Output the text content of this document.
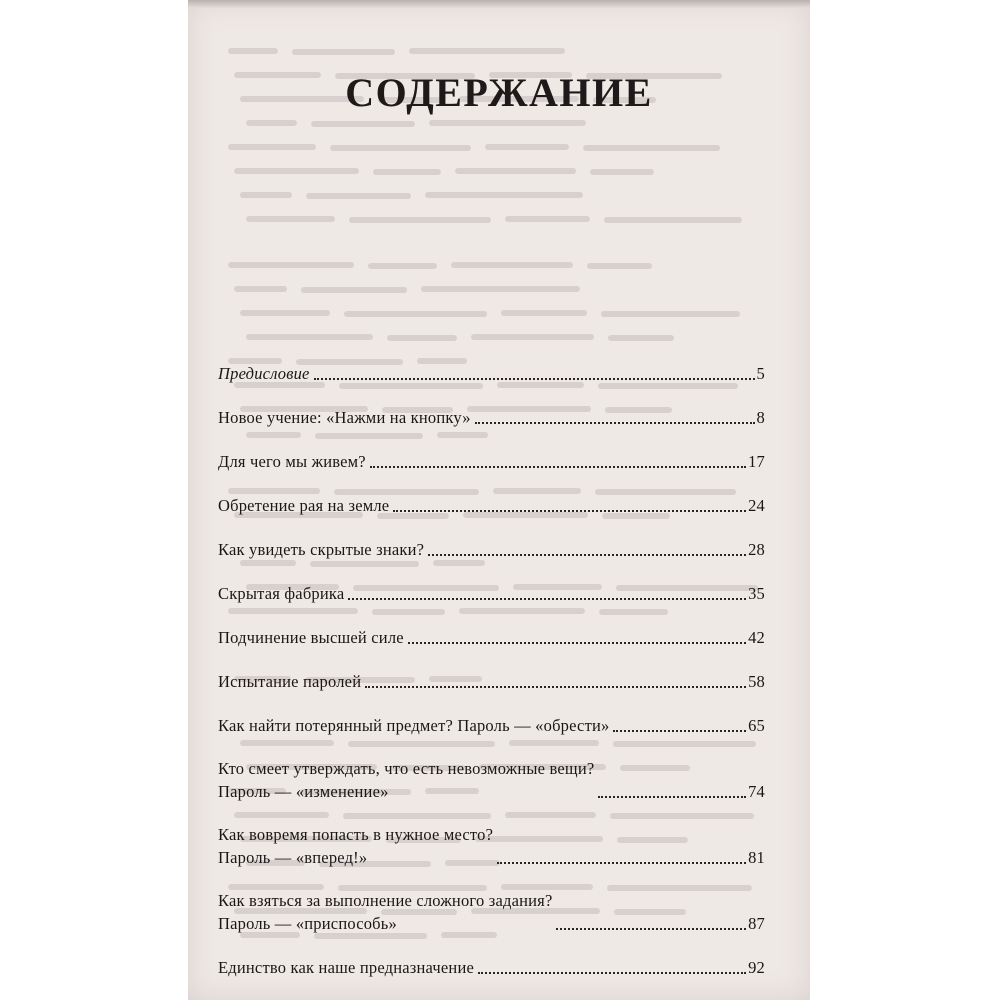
СОДЕРЖАНИЕ
Предисловие	5
Новое учение: «Нажми на кнопку»	8
Для чего мы живем?	17
Обретение рая на земле	24
Как увидеть скрытые знаки?	28
Скрытая фабрика	35
Подчинение высшей силе	42
Испытание паролей	58
Как найти потерянный предмет? Пароль — «обрести»	65
Кто смеет утверждать, что есть невозможные вещи?
Пароль — «изменение»	74
Как вовремя попасть в нужное место?
Пароль — «вперед!»	81
Как взяться за выполнение сложного задания?
Пароль — «приспособь»	87
Единство как наше предназначение	92
